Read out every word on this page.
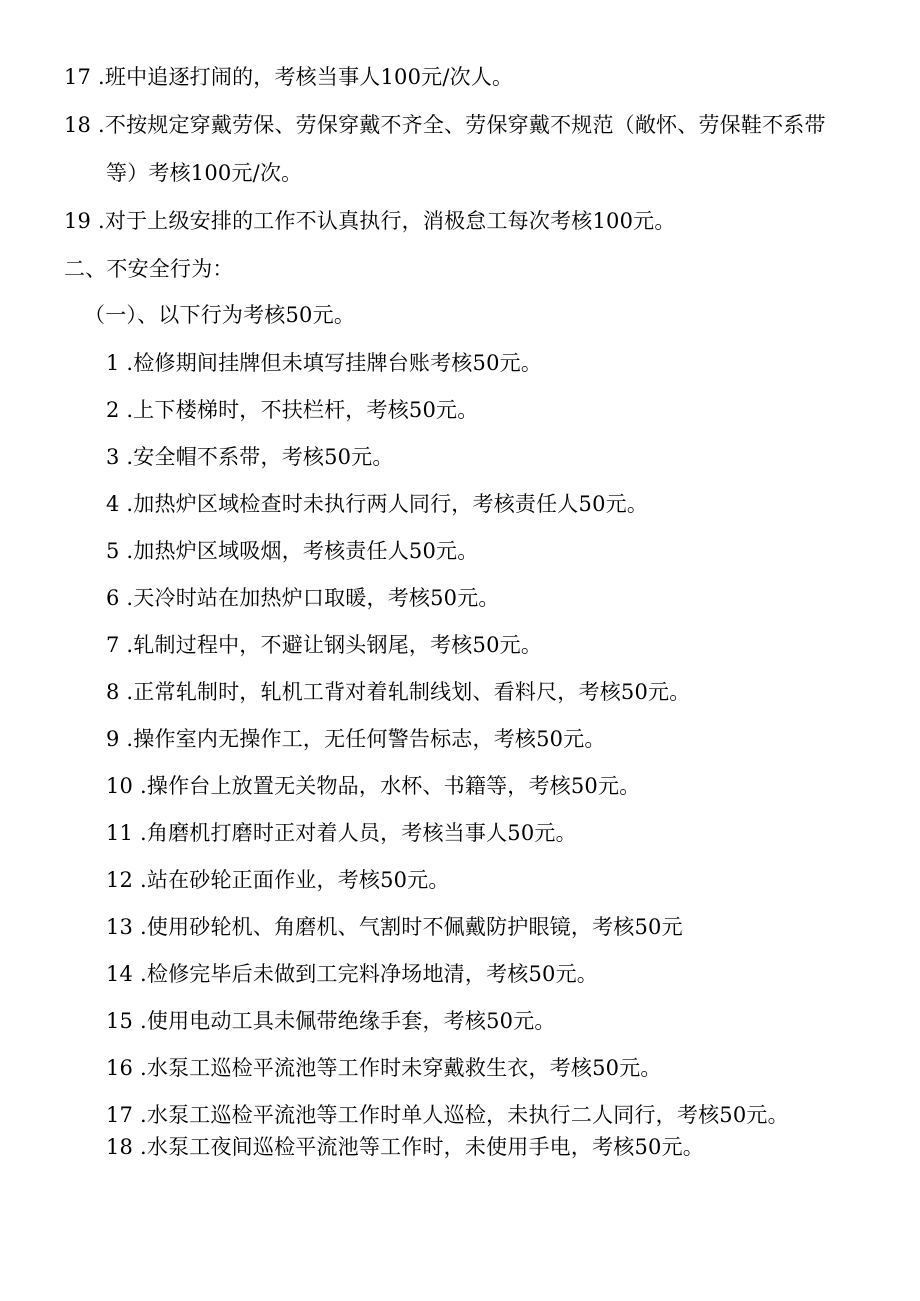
17 .班中追逐打闹的，考核当事人100元/次人。
18 .不按规定穿戴劳保、劳保穿戴不齐全、劳保穿戴不规范（敞怀、劳保鞋不系带
等）考核100元/次。
19 .对于上级安排的工作不认真执行，消极怠工每次考核100元。
二、不安全行为：
（一）、以下行为考核50元。
1 .检修期间挂牌但未填写挂牌台账考核50元。
2 .上下楼梯时，不扶栏杆，考核50元。
3 .安全帽不系带，考核50元。
4 .加热炉区域检查时未执行两人同行，考核责任人50元。
5 .加热炉区域吸烟，考核责任人50元。
6 .天冷时站在加热炉口取暖，考核50元。
7 .轧制过程中，不避让钢头钢尾，考核50元。
8 .正常轧制时，轧机工背对着轧制线划、看料尺，考核50元。
9 .操作室内无操作工，无任何警告标志，考核50元。
10 .操作台上放置无关物品，水杯、书籍等，考核50元。
11 .角磨机打磨时正对着人员，考核当事人50元。
12 .站在砂轮正面作业，考核50元。
13 .使用砂轮机、角磨机、气割时不佩戴防护眼镜，考核50元
14 .检修完毕后未做到工完料净场地清，考核50元。
15 .使用电动工具未佩带绝缘手套，考核50元。
16 .水泵工巡检平流池等工作时未穿戴救生衣，考核50元。
17 .水泵工巡检平流池等工作时单人巡检，未执行二人同行，考核50元。
18 .水泵工夜间巡检平流池等工作时，未使用手电，考核50元。
